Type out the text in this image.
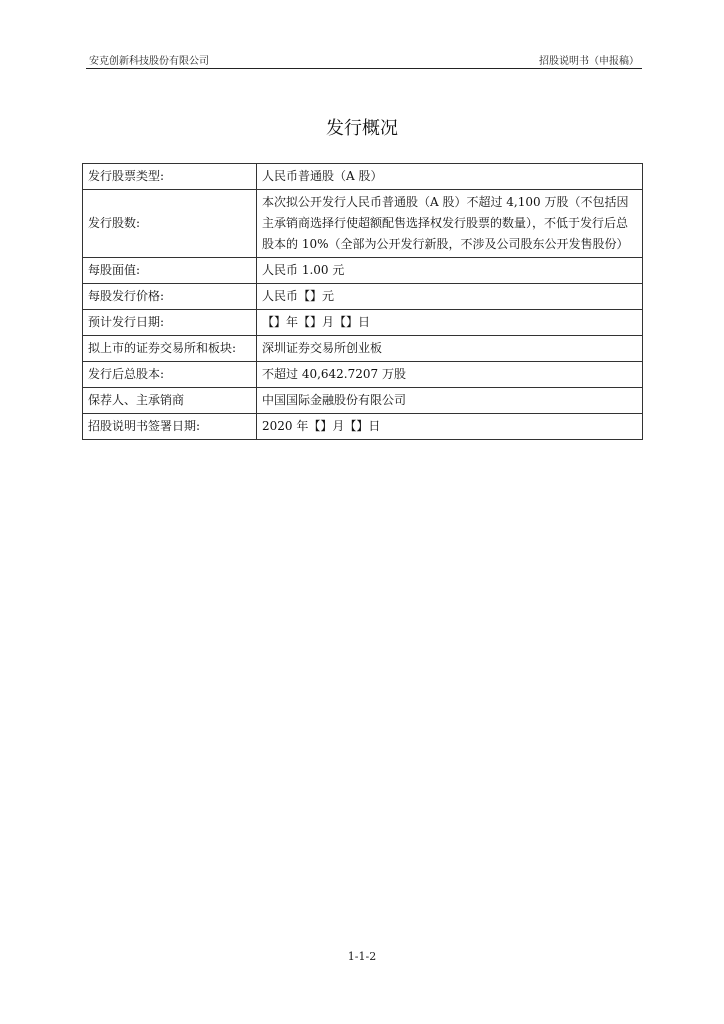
安克创新科技股份有限公司	招股说明书（申报稿）
发行概况
发行股票类型:	人民币普通股（A 股）
发行股数:	本次拟公开发行人民币普通股（A 股）不超过 4,100 万股（不包括因主承销商选择行使超额配售选择权发行股票的数量），不低于发行后总股本的 10%（全部为公开发行新股，不涉及公司股东公开发售股份）
每股面值:	人民币 1.00 元
每股发行价格:	人民币【】元
预计发行日期:	【】年【】月【】日
拟上市的证券交易所和板块:	深圳证券交易所创业板
发行后总股本:	不超过 40,642.7207 万股
保荐人、主承销商	中国国际金融股份有限公司
招股说明书签署日期:	2020 年【】月【】日
1-1-2
